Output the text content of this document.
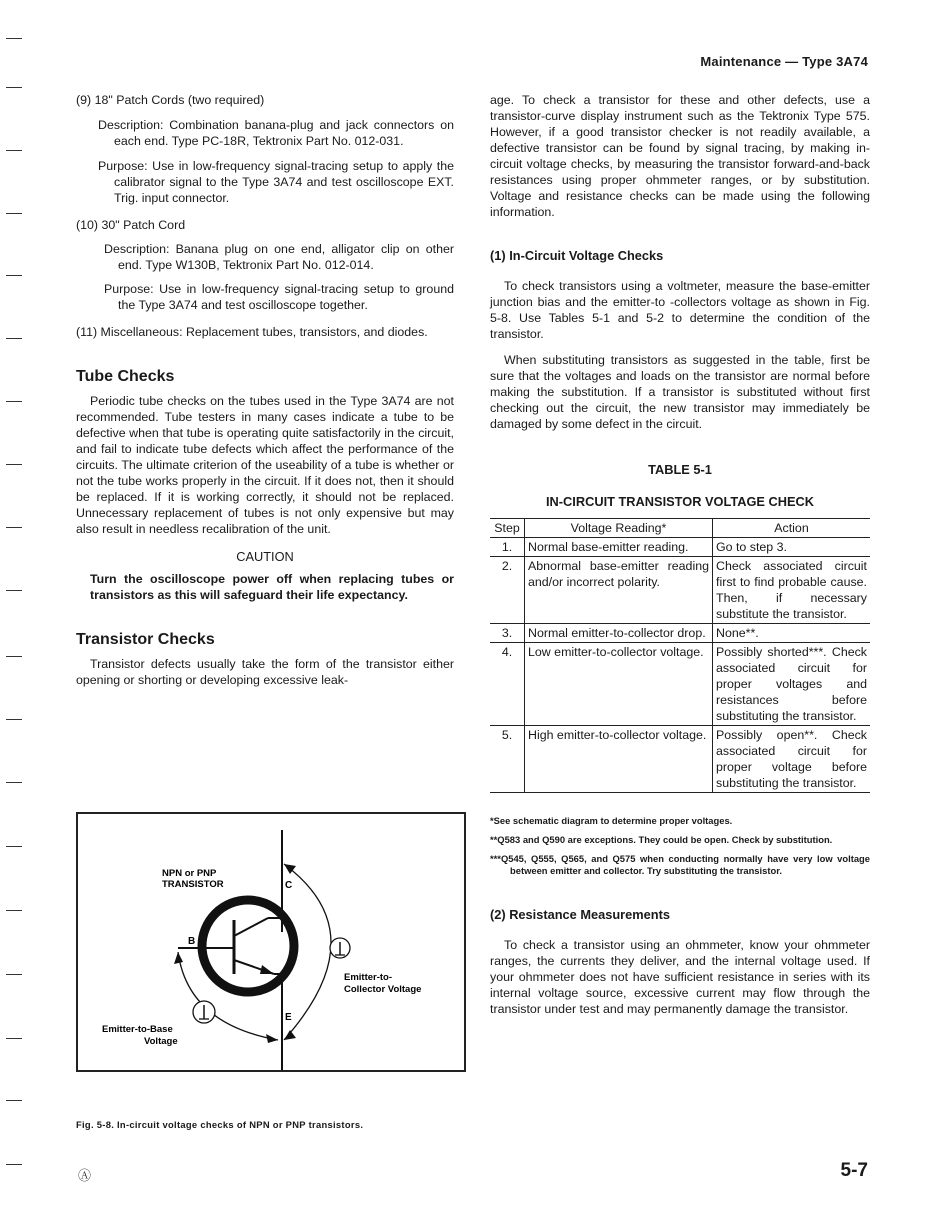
Maintenance — Type 3A74

(9) 18" Patch Cords (two required)

Description: Combination banana-plug and jack connectors on each end. Type PC-18R, Tektronix Part No. 012-031.

Purpose: Use in low-frequency signal-tracing setup to apply the calibrator signal to the Type 3A74 and test oscilloscope EXT. Trig. input connector.

(10) 30" Patch Cord

Description: Banana plug on one end, alligator clip on other end. Type W130B, Tektronix Part No. 012-014.

Purpose: Use in low-frequency signal-tracing setup to ground the Type 3A74 and test oscilloscope together.

(11) Miscellaneous: Replacement tubes, transistors, and diodes.

Tube Checks

Periodic tube checks on the tubes used in the Type 3A74 are not recommended. Tube testers in many cases indicate a tube to be defective when that tube is operating quite satisfactorily in the circuit, and fail to indicate tube defects which affect the performance of the circuits. The ultimate criterion of the useability of a tube is whether or not the tube works properly in the circuit. If it does not, then it should be replaced. If it is working correctly, it should not be replaced. Unnecessary replacement of tubes is not only expensive but may also result in needless recalibration of the unit.

CAUTION

Turn the oscilloscope power off when replacing tubes or transistors as this will safeguard their life expectancy.

Transistor Checks

Transistor defects usually take the form of the transistor either opening or shorting or developing excessive leak-

NPN or PNP
TRANSISTOR	C
B
E
Emitter-to-
Collector Voltage
Emitter-to-Base
Voltage
Fig. 5-8. In-circuit voltage checks of NPN or PNP transistors.

age. To check a transistor for these and other defects, use a transistor-curve display instrument such as the Tektronix Type 575. However, if a good transistor checker is not readily available, a defective transistor can be found by signal tracing, by making in-circuit voltage checks, by measuring the transistor forward-and-back resistances using proper ohmmeter ranges, or by substitution. Voltage and resistance checks can be made using the following information.

(1) In-Circuit Voltage Checks

To check transistors using a voltmeter, measure the base-emitter junction bias and the emitter-to -collectors voltage as shown in Fig. 5-8. Use Tables 5-1 and 5-2 to determine the condition of the transistor.

When substituting transistors as suggested in the table, first be sure that the voltages and loads on the transistor are normal before making the substitution. If a transistor is substituted without first checking out the circuit, the new transistor may immediately be damaged by some defect in the circuit.

TABLE 5-1
IN-CIRCUIT TRANSISTOR VOLTAGE CHECK
Step	Voltage Reading*	Action
1.	Normal base-emitter reading.	Go to step 3.
2.	Abnormal base-emitter reading and/or incorrect polarity.	Check associated circuit first to find probable cause. Then, if necessary substitute the transistor.
3.	Normal emitter-to-collector drop.	None**.
4.	Low emitter-to-collector voltage.	Possibly shorted***. Check associated circuit for proper voltages and resistances before substituting the transistor.
5.	High emitter-to-collector voltage.	Possibly open**. Check associated circuit for proper voltage before substituting the transistor.

*See schematic diagram to determine proper voltages.

**Q583 and Q590 are exceptions. They could be open. Check by substitution.

***Q545, Q555, Q565, and Q575 when conducting normally have very low voltage between emitter and collector. Try substituting the transistor.

(2) Resistance Measurements

To check a transistor using an ohmmeter, know your ohmmeter ranges, the currents they deliver, and the internal voltage used. If your ohmmeter does not have sufficient resistance in series with its internal voltage source, excessive current may flow through the transistor under test and may permanently damage the transistor.

Ⓐ	5-7
